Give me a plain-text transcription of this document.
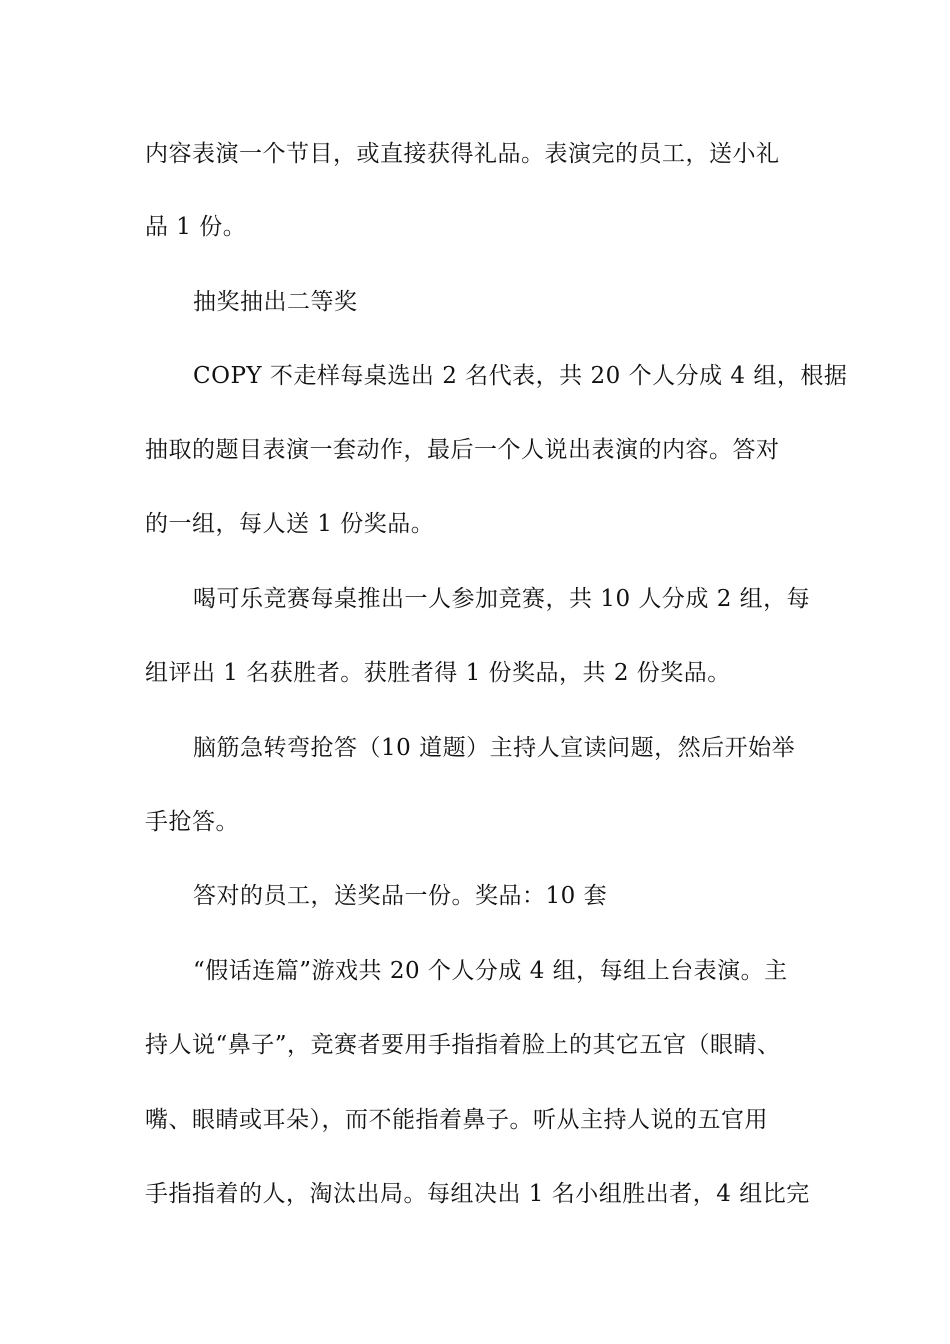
内容表演一个节目，或直接获得礼品。表演完的员工，送小礼
品 1 份。
抽奖抽出二等奖
COPY 不走样每桌选出 2 名代表，共 20 个人分成 4 组，根据
抽取的题目表演一套动作，最后一个人说出表演的内容。答对
的一组，每人送 1 份奖品。
喝可乐竞赛每桌推出一人参加竞赛，共 10 人分成 2 组，每
组评出 1 名获胜者。获胜者得 1 份奖品，共 2 份奖品。
脑筋急转弯抢答（10 道题）主持人宣读问题，然后开始举
手抢答。
答对的员工，送奖品一份。奖品：10 套
“假话连篇”游戏共 20 个人分成 4 组，每组上台表演。主
持人说“鼻子”，竞赛者要用手指指着脸上的其它五官（眼睛、
嘴、眼睛或耳朵），而不能指着鼻子。听从主持人说的五官用
手指指着的人，淘汰出局。每组决出 1 名小组胜出者，4 组比完
